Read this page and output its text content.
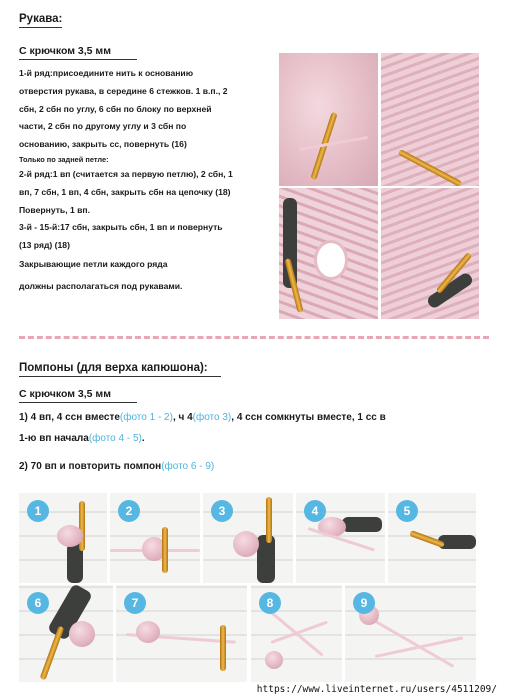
Рукава:
С крючком 3,5 мм
1-й ряд:присоедините нить к основанию
отверстия рукава, в середине 6 стежков. 1 в.п., 2
сбн, 2 сбн по углу, 6 сбн по блоку по верхней
части, 2 сбн по другому углу и 3 сбн по
основанию, закрыть сс, повернуть (16)
Только по задней петле:
2-й ряд:1 вп (считается за первую петлю), 2 сбн, 1
вп, 7 сбн, 1 вп, 4 сбн, закрыть сбн на цепочку (18)
Повернуть, 1 вп.
3-й - 15-й:17 сбн, закрыть сбн, 1 вп и повернуть
(13 ряд) (18)
Закрывающие петли каждого ряда
должны располагаться под рукавами.
Помпоны (для верха капюшона):
С крючком 3,5 мм
1) 4 вп, 4 ссн вместе(фото 1 - 2), ч 4(фото 3), 4 ссн сомкнуты вместе, 1 сс в
1-ю вп начала(фото 4 - 5).
2) 70 вп и повторить помпон(фото 6 - 9)
1	2	3	4	5
6	7	8	9
https://www.liveinternet.ru/users/4511209/
